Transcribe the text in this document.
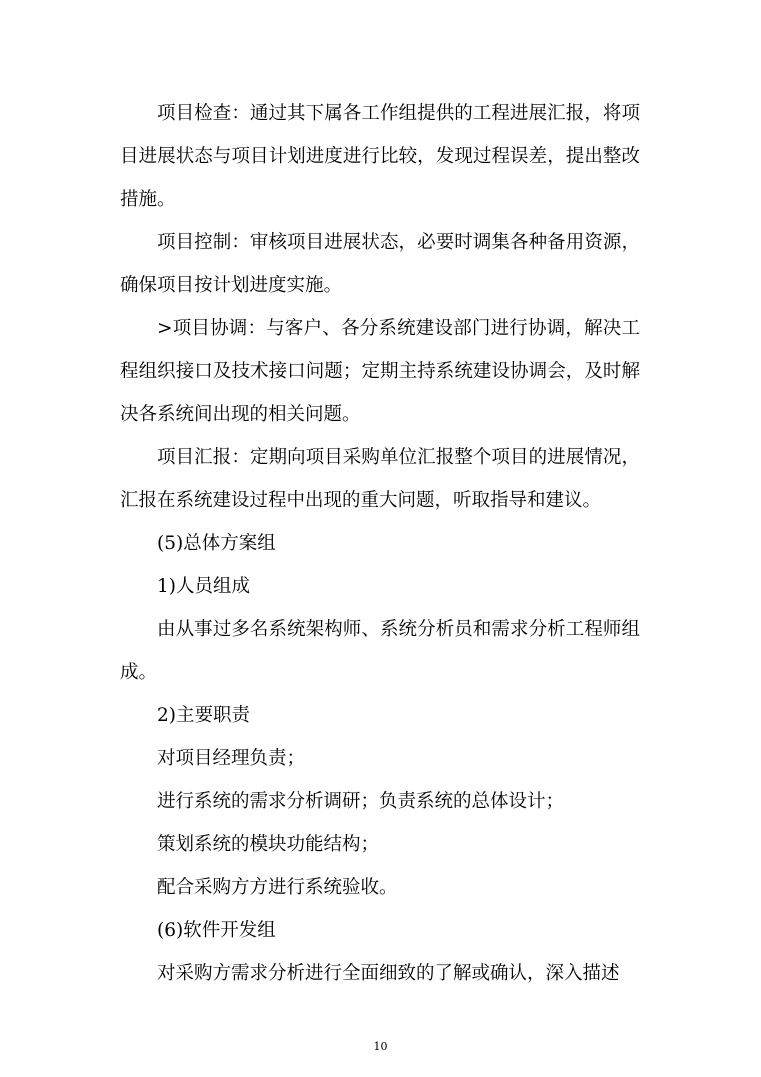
项目检查：通过其下属各工作组提供的工程进展汇报，将项目进展状态与项目计划进度进行比较，发现过程误差，提出整改措施。

项目控制：审核项目进展状态，必要时调集各种备用资源，确保项目按计划进度实施。

>项目协调：与客户、各分系统建设部门进行协调，解决工程组织接口及技术接口问题；定期主持系统建设协调会，及时解决各系统间出现的相关问题。

项目汇报：定期向项目采购单位汇报整个项目的进展情况，汇报在系统建设过程中出现的重大问题，听取指导和建议。

(5)总体方案组

1)人员组成

由从事过多名系统架构师、系统分析员和需求分析工程师组成。

2)主要职责

对项目经理负责；

进行系统的需求分析调研；负责系统的总体设计；

策划系统的模块功能结构；

配合采购方方进行系统验收。

(6)软件开发组

对采购方需求分析进行全面细致的了解或确认，深入描述

10
